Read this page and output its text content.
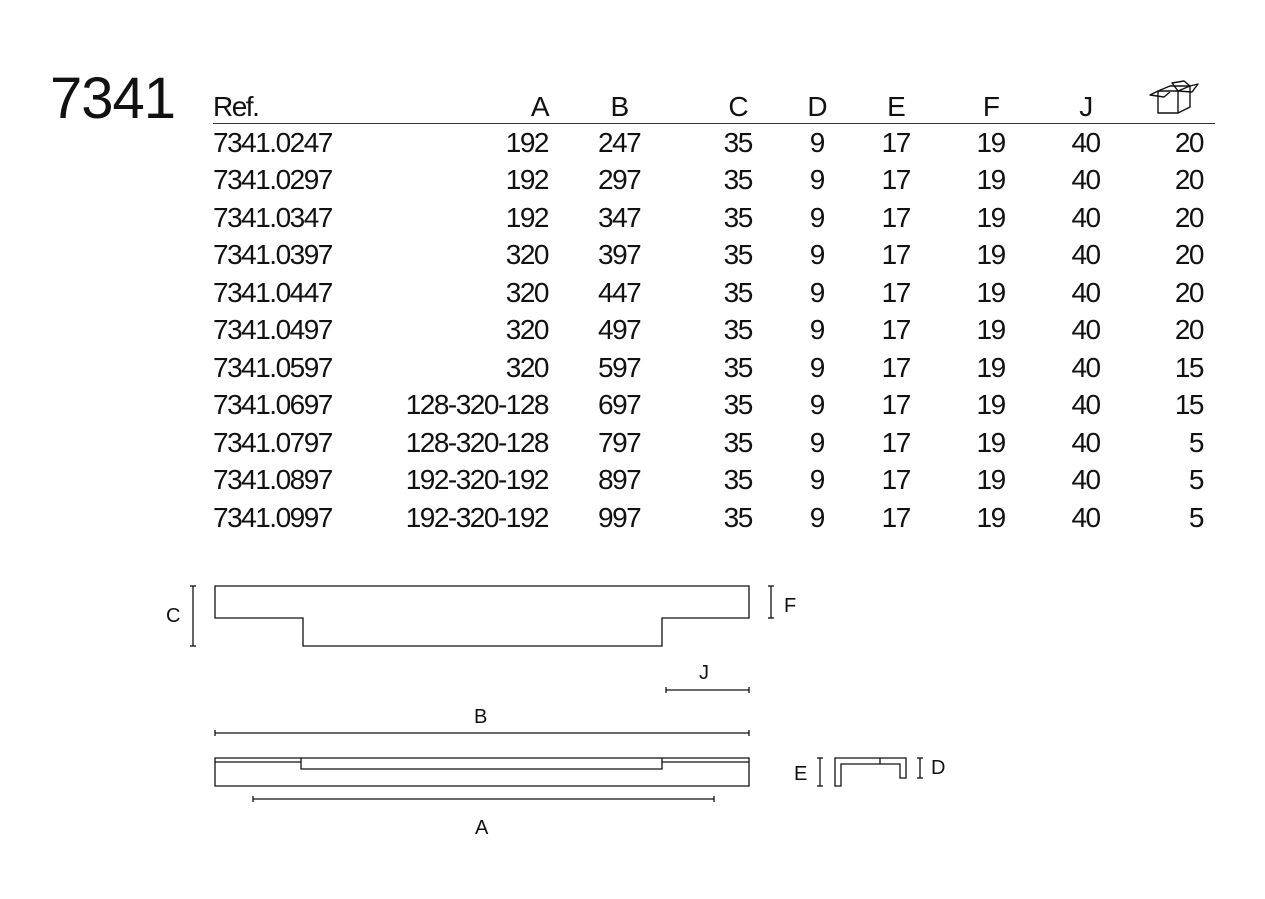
7341 Ref.	A	B	C	D	E	F	J	
7341.0247	192	247	35	9	17	19	40	20
7341.0297	192	297	35	9	17	19	40	20
7341.0347	192	347	35	9	17	19	40	20
7341.0397	320	397	35	9	17	19	40	20
7341.0447	320	447	35	9	17	19	40	20
7341.0497	320	497	35	9	17	19	40	20
7341.0597	320	597	35	9	17	19	40	15
7341.0697	128-320-128	697	35	9	17	19	40	15
7341.0797	128-320-128	797	35	9	17	19	40	5
7341.0897	192-320-192	897	35	9	17	19	40	5
7341.0997	192-320-192	997	35	9	17	19	40	5
C	F
J
B
A
E	D
